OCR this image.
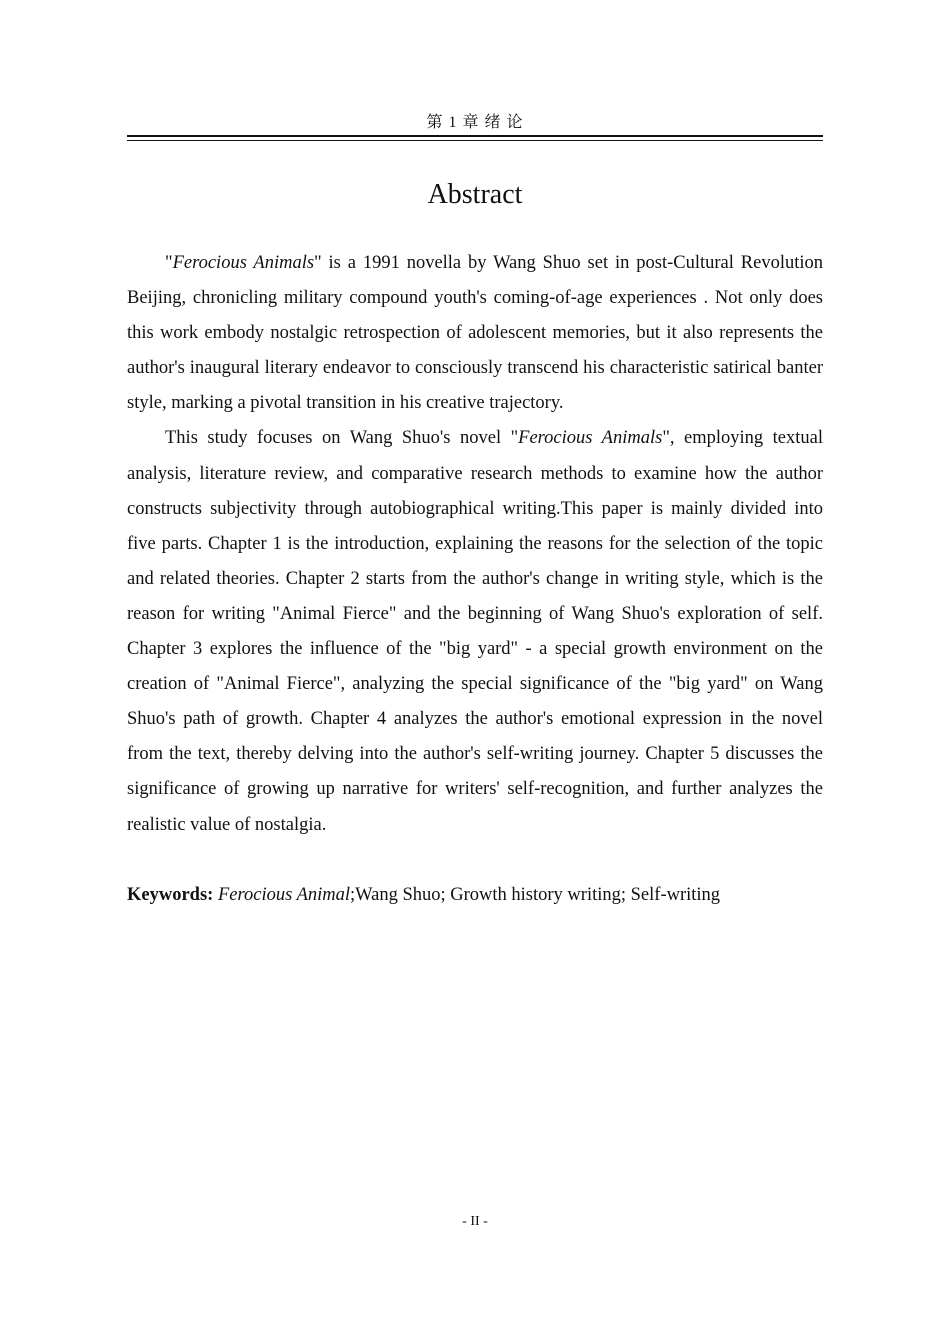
第 1 章 绪 论
Abstract

"Ferocious Animals" is a 1991 novella by Wang Shuo set in post-Cultural Revolution Beijing, chronicling military compound youth's coming-of-age experiences . Not only does this work embody nostalgic retrospection of adolescent memories, but it also represents the author's inaugural literary endeavor to consciously transcend his characteristic satirical banter style, marking a pivotal transition in his creative trajectory.

This study focuses on Wang Shuo's novel "Ferocious Animals", employing textual analysis, literature review, and comparative research methods to examine how the author constructs subjectivity through autobiographical writing.This paper is mainly divided into five parts. Chapter 1 is the introduction, explaining the reasons for the selection of the topic and related theories. Chapter 2 starts from the author's change in writing style, which is the reason for writing "Animal Fierce" and the beginning of Wang Shuo's exploration of self. Chapter 3 explores the influence of the "big yard" - a special growth environment on the creation of "Animal Fierce", analyzing the special significance of the "big yard" on Wang Shuo's path of growth. Chapter 4 analyzes the author's emotional expression in the novel from the text, thereby delving into the author's self-writing journey. Chapter 5 discusses the significance of growing up narrative for writers' self-recognition, and further analyzes the realistic value of nostalgia.

Keywords: Ferocious Animal;Wang Shuo; Growth history writing; Self-writing

- II -
